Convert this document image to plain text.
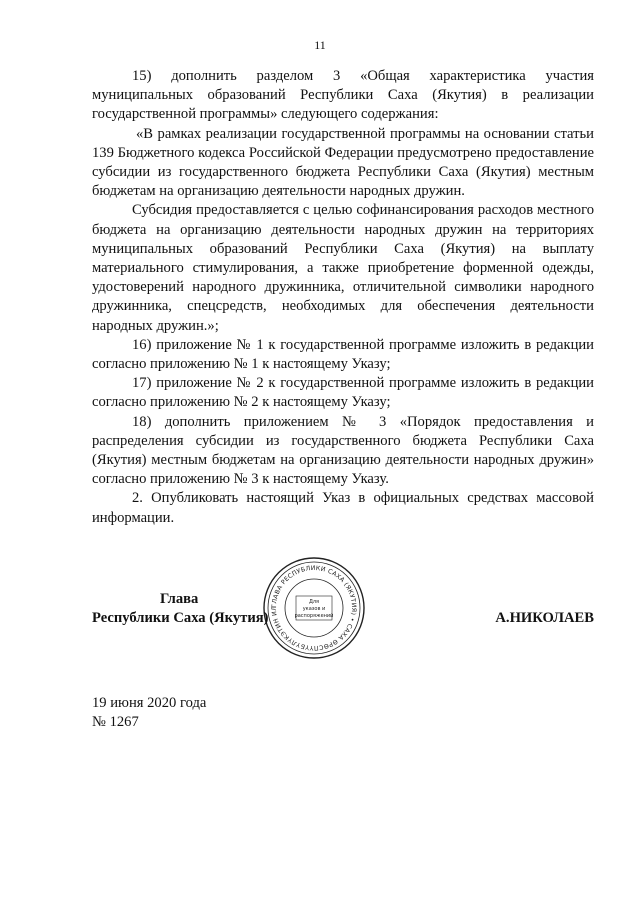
11

15) дополнить разделом 3 «Общая характеристика участия муниципальных образований Республики Саха (Якутия) в реализации государственной программы» следующего содержания:

«В рамках реализации государственной программы на основании статьи 139 Бюджетного кодекса Российской Федерации предусмотрено предоставление субсидии из государственного бюджета Республики Саха (Якутия) местным бюджетам на организацию деятельности народных дружин.

Субсидия предоставляется с целью софинансирования расходов местного бюджета на организацию деятельности народных дружин на территориях муниципальных образований Республики Саха (Якутия) на выплату материального стимулирования, а также приобретение форменной одежды, удостоверений народного дружинника, отличительной символики народного дружинника, спецсредств, необходимых для обеспечения деятельности народных дружин.»;

16) приложение № 1 к государственной программе изложить в редакции согласно приложению № 1 к настоящему Указу;

17) приложение № 2 к государственной программе изложить в редакции согласно приложению № 2 к настоящему Указу;

18) дополнить приложением № 3 «Порядок предоставления и распределения субсидии из государственного бюджета Республики Саха (Якутия) местным бюджетам на организацию деятельности народных дружин» согласно приложению № 3 к настоящему Указу.

2. Опубликовать настоящий Указ в официальных средствах массовой информации.

ГЛАВА РЕСПУБЛИКИ САХА (ЯКУТИЯ) • САХА ӨРӨСПҮҮБҮЛҮКЭТИН ИЛ
Для
указов и
распоряжений
Глава
Республики Саха (Якутия)	А.НИКОЛАЕВ
19 июня 2020 года
№ 1267
